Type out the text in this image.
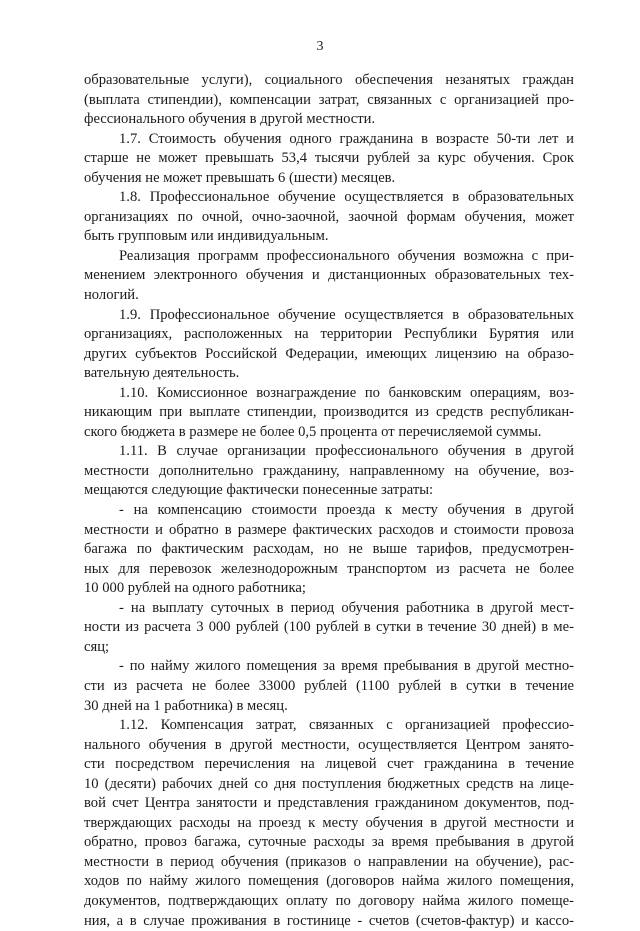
3
образовательные услуги), социального обеспечения незанятых граждан
(выплата стипендии), компенсации затрат, связанных с организацией про-
фессионального обучения в другой местности.
1.7. Стоимость обучения одного гражданина в возрасте 50-ти лет и
старше не может превышать 53,4 тысячи рублей за курс обучения. Срок
обучения не может превышать 6 (шести) месяцев.
1.8. Профессиональное обучение осуществляется в образовательных
организациях по очной, очно-заочной, заочной формам обучения, может
быть групповым или индивидуальным.
Реализация программ профессионального обучения возможна с при-
менением электронного обучения и дистанционных образовательных тех-
нологий.
1.9. Профессиональное обучение осуществляется в образовательных
организациях, расположенных на территории Республики Бурятия или
других субъектов Российской Федерации, имеющих лицензию на образо-
вательную деятельность.
1.10. Комиссионное вознаграждение по банковским операциям, воз-
никающим при выплате стипендии, производится из средств республикан-
ского бюджета в размере не более 0,5 процента от перечисляемой суммы.
1.11. В случае организации профессионального обучения в другой
местности дополнительно гражданину, направленному на обучение, воз-
мещаются следующие фактически понесенные затраты:
- на компенсацию стоимости проезда к месту обучения в другой
местности и обратно в размере фактических расходов и стоимости провоза
багажа по фактическим расходам, но не выше тарифов, предусмотрен-
ных для перевозок железнодорожным транспортом из расчета не более
10 000 рублей на одного работника;
- на выплату суточных в период обучения работника в другой мест-
ности из расчета 3 000 рублей (100 рублей в сутки в течение 30 дней) в ме-
сяц;
- по найму жилого помещения за время пребывания в другой местно-
сти из расчета не более 33000 рублей (1100 рублей в сутки в течение
30 дней на 1 работника) в месяц.
1.12. Компенсация затрат, связанных с организацией профессио-
нального обучения в другой местности, осуществляется Центром занято-
сти посредством перечисления на лицевой счет гражданина в течение
10 (десяти) рабочих дней со дня поступления бюджетных средств на лице-
вой счет Центра занятости и представления гражданином документов, под-
тверждающих расходы на проезд к месту обучения в другой местности и
обратно, провоз багажа, суточные расходы за время пребывания в другой
местности в период обучения (приказов о направлении на обучение), рас-
ходов по найму жилого помещения (договоров найма жилого помещения,
документов, подтверждающих оплату по договору найма жилого помеще-
ния, а в случае проживания в гостинице - счетов (счетов-фактур) и кассо-
